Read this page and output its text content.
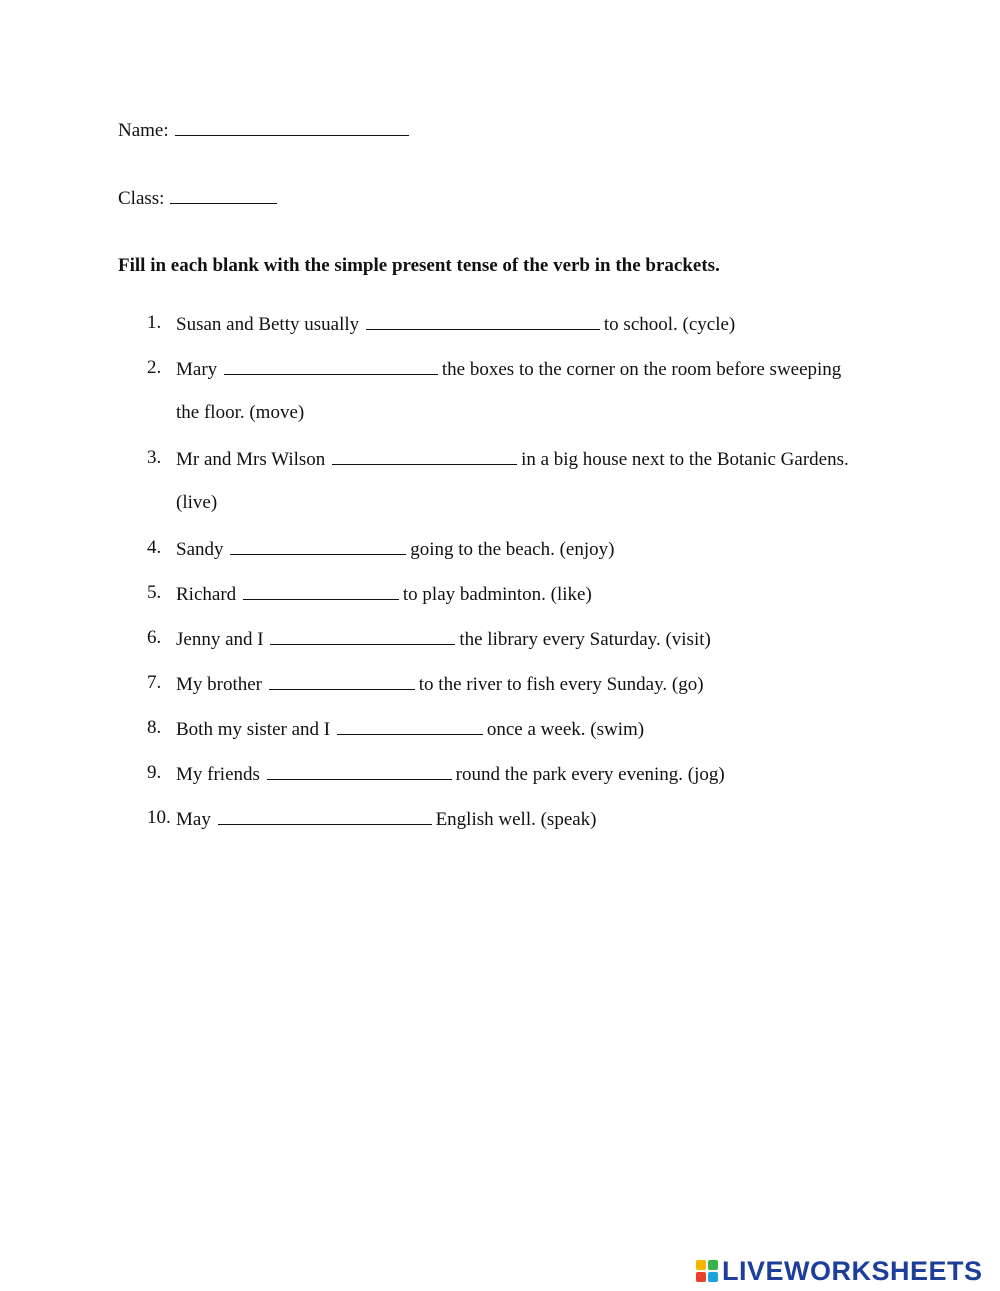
Name:
Class:
Fill in each blank with the simple present tense of the verb in the brackets.
1. Susan and Betty usually	to school. (cycle)
2. Mary	the boxes to the corner on the room before sweeping
the floor. (move)
3. Mr and Mrs Wilson	in a big house next to the Botanic Gardens.
(live)
4. Sandy	going to the beach. (enjoy)
5. Richard	to play badminton. (like)
6. Jenny and I	the library every Saturday. (visit)
7. My brother	to the river to fish every Sunday. (go)
8. Both my sister and I	once a week. (swim)
9. My friends	round the park every evening. (jog)
10. May	English well. (speak)
LIVEWORKSHEETS
